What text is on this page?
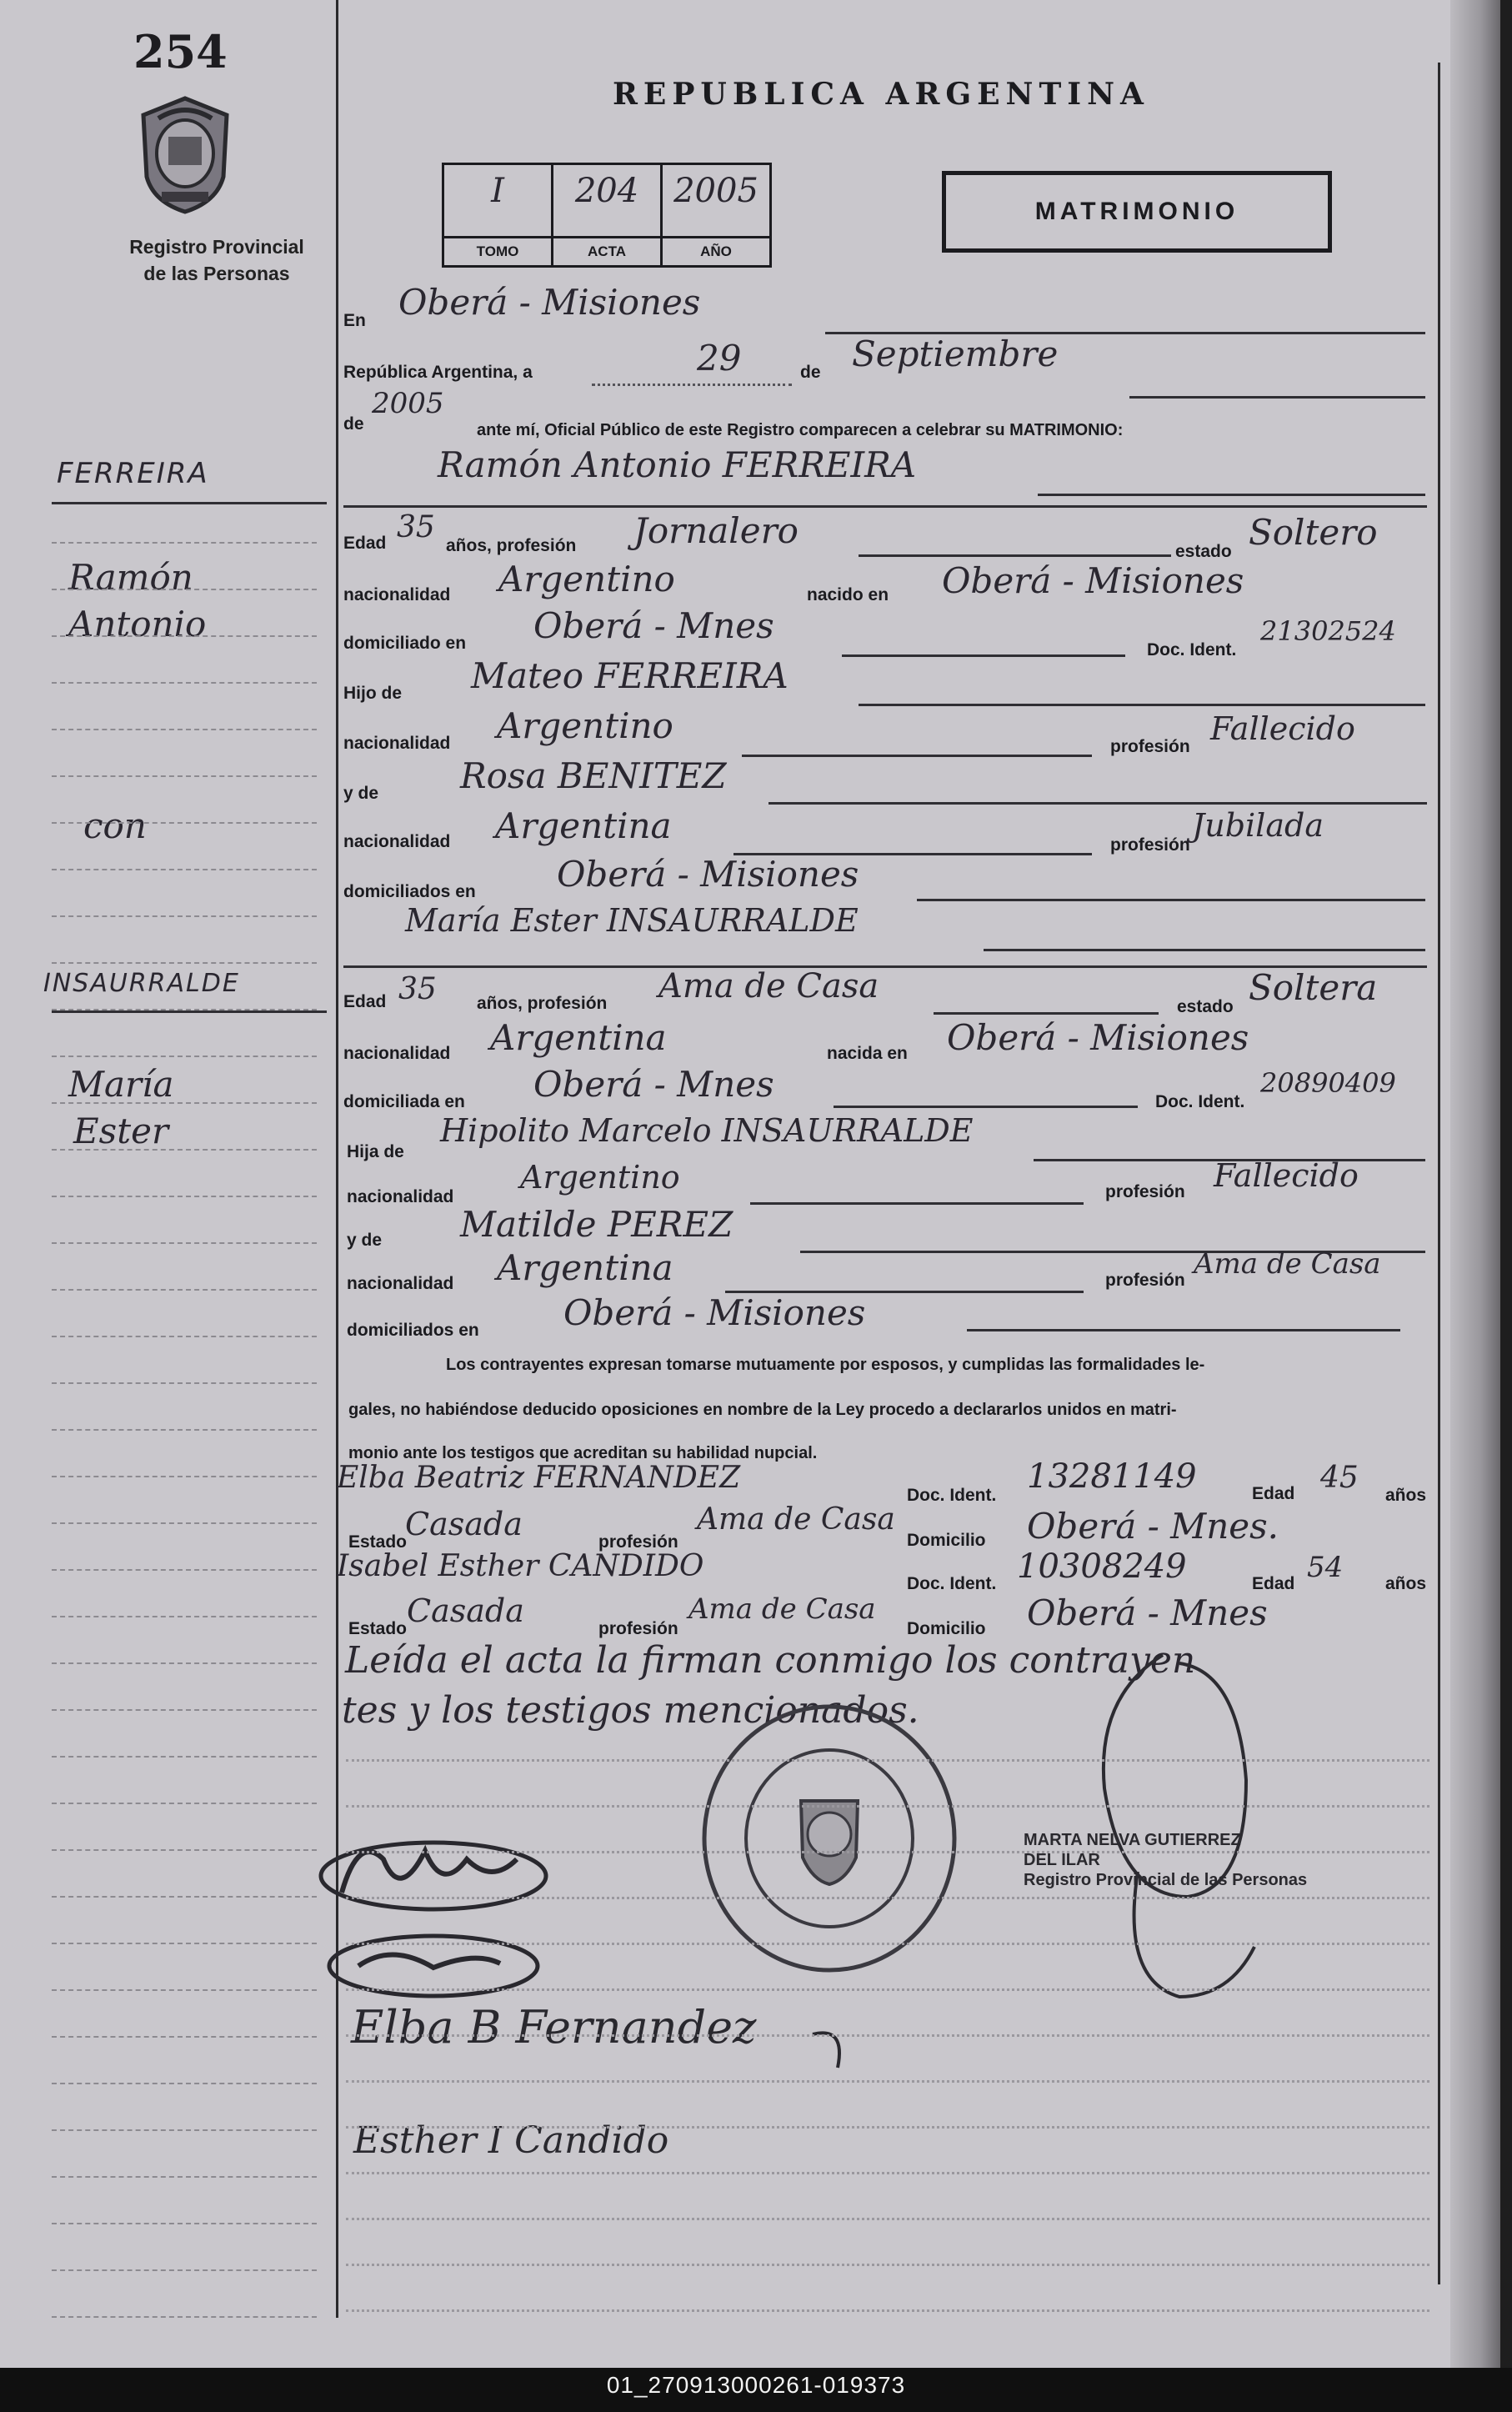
254
Registro Provincial
de las Personas
REPUBLICA ARGENTINA
I
TOMO
204
ACTA
2005
AÑO
MATRIMONIO
FERREIRA
Ramón
Antonio
con
INSAURRALDE
María
Ester
En Oberá - Misiones
República Argentina, a	29	de Septiembre
de
2005
ante mí, Oficial Público de este Registro comparecen a celebrar su MATRIMONIO:
Ramón Antonio FERREIRA
Edad 35
años, profesión Jornalero
estado Soltero
nacionalidad Argentino	nacido en Oberá - Misiones
domiciliado en Oberá - Mnes
Doc. Ident.
21302524
Hijo de Mateo FERREIRA
nacionalidad Argentino
profesión Fallecido
y de Rosa BENITEZ
nacionalidad Argentina	profesión
Jubilada
domiciliados en Oberá - Misiones
María Ester INSAURRALDE
Edad 35 años, profesión Ama de Casa
estado Soltera
nacionalidad Argentina	nacida en Oberá - Misiones
domiciliada en Oberá - Mnes	Doc. Ident.
20890409
Hija de
Hipolito Marcelo INSAURRALDE
nacionalidad
Argentino	profesión Fallecido
y de Matilde PEREZ
nacionalidad Argentina	profesión Ama de Casa
domiciliados en Oberá - Misiones
Los contrayentes expresan tomarse mutuamente por esposos, y cumplidas las formalidades le-
gales, no habiéndose deducido oposiciones en nombre de la Ley procedo a declararlos unidos en matri-
monio ante los testigos que acreditan su habilidad nupcial.
Elba Beatriz FERNANDEZ
Doc. Ident. 13281149	Edad 45
años
Estado
Casada	profesión
Ama de Casa
Domicilio Oberá - Mnes.
Isabel Esther CANDIDO
Doc. Ident. 10308249	Edad 54 años
Estado Casada	profesión
Ama de Casa
Domicilio Oberá - Mnes
Leída el acta la firman conmigo los contrayen
tes y los testigos mencionados.
MARTA NELVA GUTIERREZ
DEL ILAR
Registro Provincial de las Personas
Elba B Fernandez
Esther I Candido
01_270913000261-019373
